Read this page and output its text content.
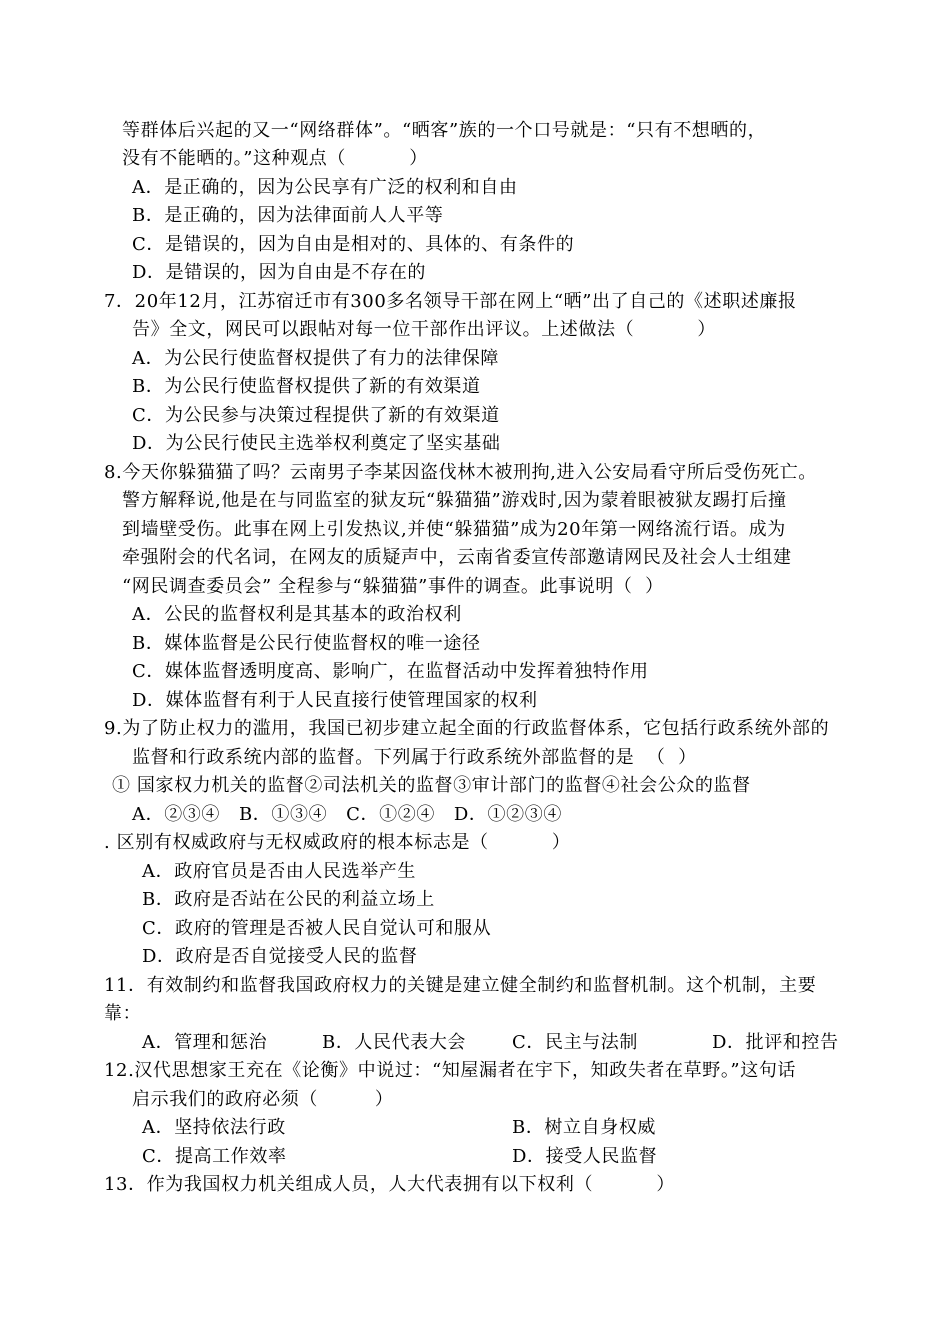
等群体后兴起的又一“网络群体”。“晒客”族的一个口号就是：“只有不想晒的，
没有不能晒的。”这种观点（          ）
A．是正确的，因为公民享有广泛的权利和自由
B．是正确的，因为法律面前人人平等
C．是错误的，因为自由是相对的、具体的、有条件的
D．是错误的，因为自由是不存在的
7．20年12月，江苏宿迁市有300多名领导干部在网上“晒”出了自己的《述职述廉报
告》全文，网民可以跟帖对每一位干部作出评议。上述做法（          ）
A．为公民行使监督权提供了有力的法律保障
B．为公民行使监督权提供了新的有效渠道
C．为公民参与决策过程提供了新的有效渠道
D．为公民行使民主选举权利奠定了坚实基础
8.今天你躲猫猫了吗？云南男子李某因盗伐林木被刑拘,进入公安局看守所后受伤死亡。
警方解释说,他是在与同监室的狱友玩“躲猫猫”游戏时,因为蒙着眼被狱友踢打后撞
到墙壁受伤。此事在网上引发热议,并使“躲猫猫”成为20年第一网络流行语。成为
牵强附会的代名词，在网友的质疑声中，云南省委宣传部邀请网民及社会人士组建
“网民调查委员会” 全程参与“躲猫猫”事件的调查。此事说明（  ）
A．公民的监督权利是其基本的政治权利
B．媒体监督是公民行使监督权的唯一途径
C．媒体监督透明度高、影响广，在监督活动中发挥着独特作用
D．媒体监督有利于人民直接行使管理国家的权利
9.为了防止权力的滥用，我国已初步建立起全面的行政监督体系，它包括行政系统外部的
监督和行政系统内部的监督。下列属于行政系统外部监督的是  （  ）
① 国家权力机关的监督②司法机关的监督③审计部门的监督④社会公众的监督
A．②③④   B．①③④   C．①②④   D．①②③④
. 区别有权威政府与无权威政府的根本标志是（          ）
A．政府官员是否由人民选举产生
B．政府是否站在公民的利益立场上
C．政府的管理是否被人民自觉认可和服从
D．政府是否自觉接受人民的监督
11．有效制约和监督我国政府权力的关键是建立健全制约和监督机制。这个机制，主要
靠：
A．管理和惩治	B．人民代表大会	C．民主与法制	D．批评和控告
12.汉代思想家王充在《论衡》中说过：“知屋漏者在宇下，知政失者在草野。”这句话
启示我们的政府必须（         ）
A．坚持依法行政	B．树立自身权威
C．提高工作效率	D．接受人民监督
13．作为我国权力机关组成人员，人大代表拥有以下权利（          ）
